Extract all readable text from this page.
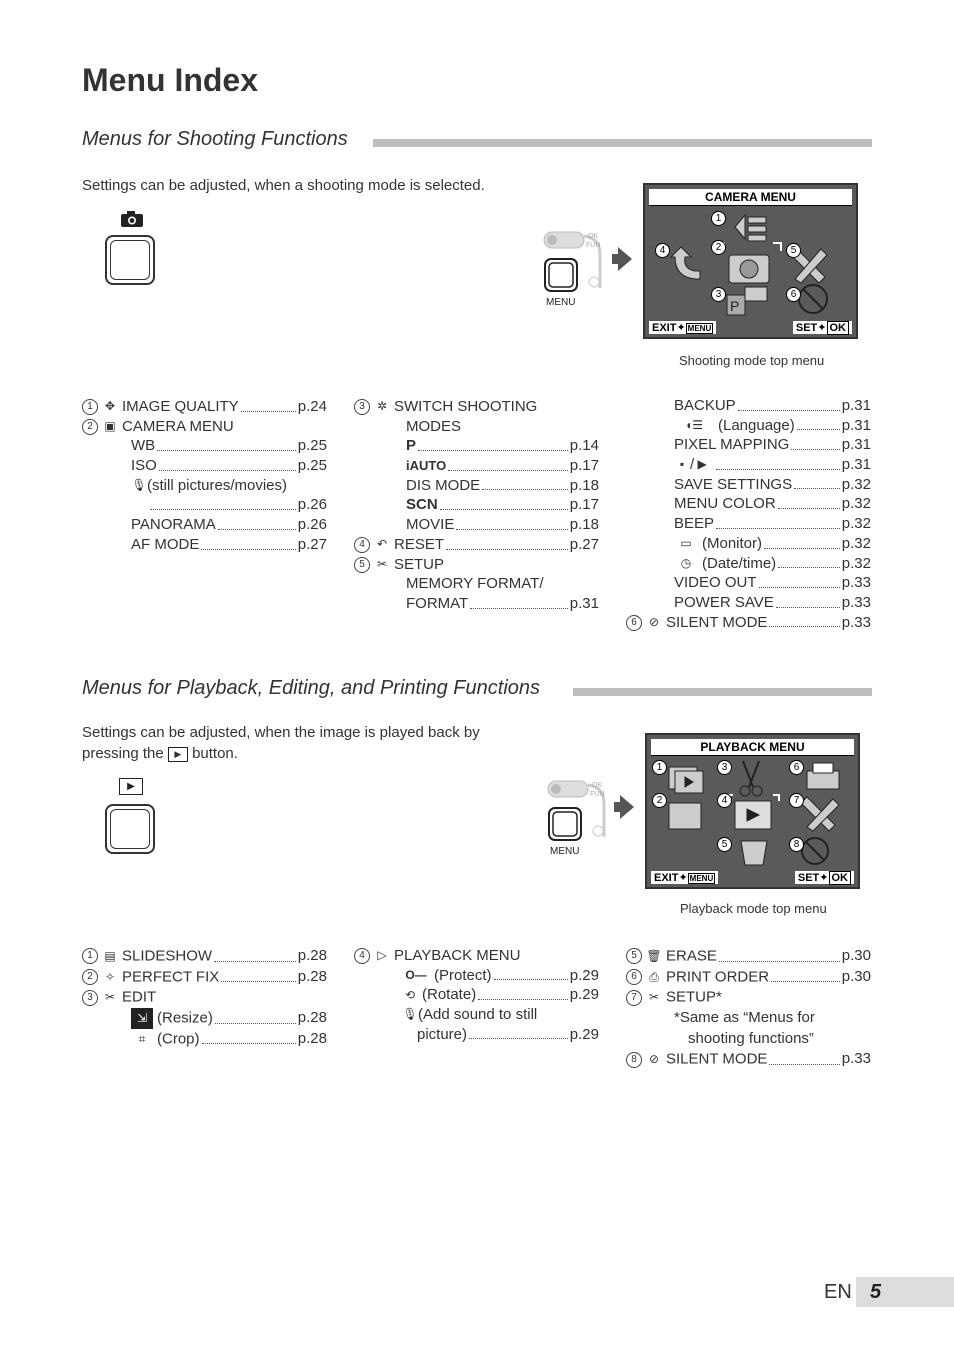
Menu Index
Menus for Shooting Functions
Settings can be adjusted, when a shooting mode is selected.
OK
FUN
MENU
CAMERA MENU
P
1
2
3
4	5
6
EXIT✦ MENU	SET✦ OK
Shooting mode top menu
1 ✥ IMAGE QUALITY	p.24
2 ▣ CAMERA MENU
WB	p.25
ISO	p.25
🎙︎(still pictures/movies)
p.26
PANORAMA	p.26
AF MODE	p.27
3 ✲ SWITCH SHOOTING
MODES
P	p.14
iAUTO	p.17
DIS MODE	p.18
SCN	p.17
MOVIE	p.18
4 ↶ RESET	p.27
5 ✂ SETUP
MEMORY FORMAT/
FORMAT	p.31
BACKUP	p.31
◖☰ (Language)	p.31
PIXEL MAPPING	p.31
▪ / ▶	p.31
SAVE SETTINGS	p.32
MENU COLOR	p.32
BEEP	p.32
▭ (Monitor)	p.32
◷ (Date/time)	p.32
VIDEO OUT	p.33
POWER SAVE	p.33
6 ⊘ SILENT MODE	p.33
Menus for Playback, Editing, and Printing Functions
Settings can be adjusted, when the image is played back by
pressing the ▶ button.
▶	OK
FUN
MENU
PLAYBACK MENU
1
2
3
4
5
6
7
8
EXIT✦ MENU	SET✦ OK
Playback mode top menu
1 ▤ SLIDESHOW	p.28
2 ✧ PERFECT FIX	p.28
3 ✂ EDIT
⇲ (Resize)	p.28
⌗ (Crop)	p.28
4 ▷ PLAYBACK MENU
O— (Protect)	p.29
⟲ (Rotate)	p.29
🎙︎(Add sound to still
picture)	p.29
5 🗑︎ ERASE	p.30
6 ⎙ PRINT ORDER	p.30
7 ✂ SETUP*
*Same as “Menus for
shooting functions”
8 ⊘ SILENT MODE	p.33
EN 5
